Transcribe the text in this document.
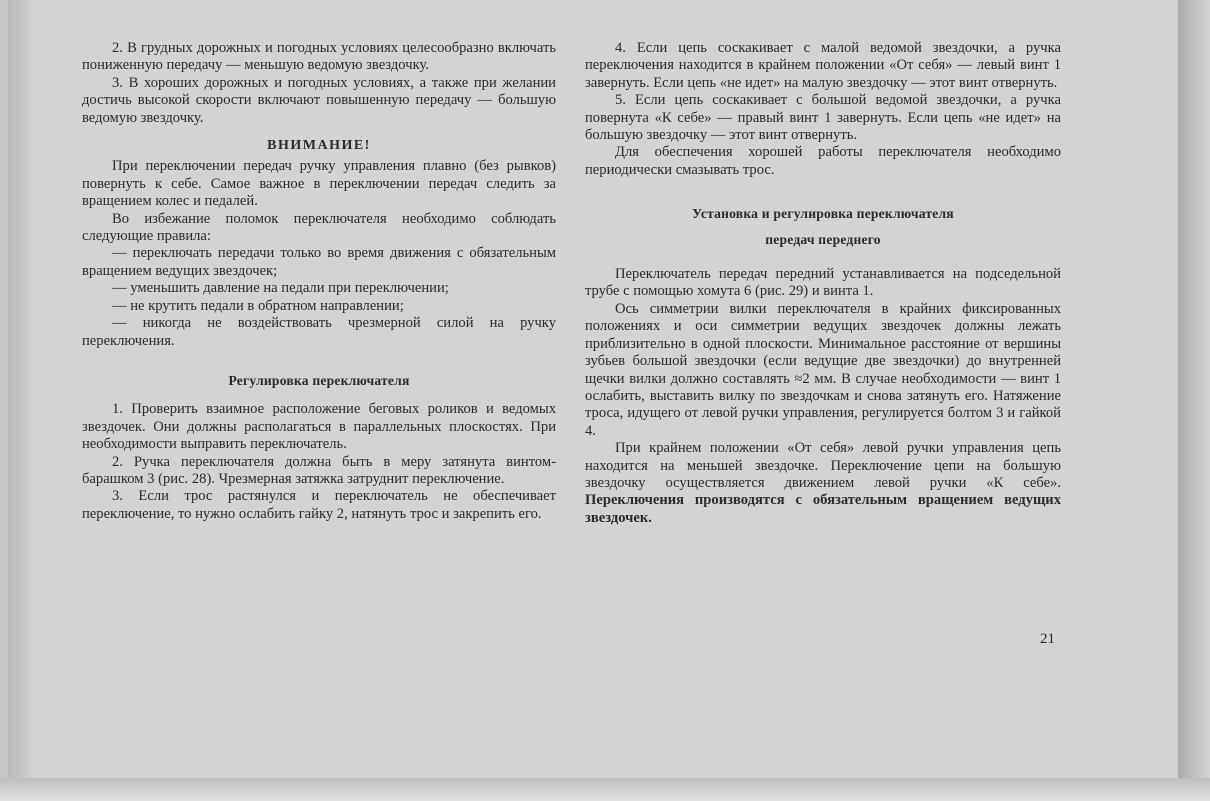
2. В грудных дорожных и погодных условиях целесообразно включать пониженную передачу — меньшую ведомую звездочку.

3. В хороших дорожных и погодных условиях, а также при желании достичь высокой скорости включают повышенную передачу — большую ведомую звездочку.

ВНИМАНИЕ!

При переключении передач ручку управления плавно (без рывков) повернуть к себе. Самое важное в переключении передач следить за вращением колес и педалей.

Во избежание поломок переключателя необходимо соблюдать следующие правила:

— переключать передачи только во время движения с обязательным вращением ведущих звездочек;

— уменьшить давление на педали при переключении;

— не крутить педали в обратном направлении;

— никогда не воздействовать чрезмерной силой на ручку переключения.

Регулировка переключателя

1. Проверить взаимное расположение беговых роликов и ведомых звездочек. Они должны располагаться в параллельных плоскостях. При необходимости выправить переключатель.

2. Ручка переключателя должна быть в меру затянута винтом-барашком 3 (рис. 28). Чрезмерная затяжка затруднит переключение.

3. Если трос растянулся и переключатель не обеспечивает переключение, то нужно ослабить гайку 2, натянуть трос и закрепить его.

4. Если цепь соскакивает с малой ведомой звездочки, а ручка переключения находится в крайнем положении «От себя» — левый винт 1 завернуть. Если цепь «не идет» на малую звездочку — этот винт отвернуть.

5. Если цепь соскакивает с большой ведомой звездочки, а ручка повернута «К себе» — правый винт 1 завернуть. Если цепь «не идет» на большую звездочку — этот винт отвернуть.

Для обеспечения хорошей работы переключателя необходимо периодически смазывать трос.

Установка и регулировка переключателя
передач переднего

Переключатель передач передний устанавливается на подседельной трубе с помощью хомута 6 (рис. 29) и винта 1.

Ось симметрии вилки переключателя в крайних фиксированных положениях и оси симметрии ведущих звездочек должны лежать приблизительно в одной плоскости. Минимальное расстояние от вершины зубьев большой звездочки (если ведущие две звездочки) до внутренней щечки вилки должно составлять ≈2 мм. В случае необходимости — винт 1 ослабить, выставить вилку по звездочкам и снова затянуть его. Натяжение троса, идущего от левой ручки управления, регулируется болтом 3 и гайкой 4.

При крайнем положении «От себя» левой ручки управления цепь находится на меньшей звездочке. Переключение цепи на большую звездочку осуществляется движением левой ручки «К себе». Переключения производятся с обязательным вращением ведущих звездочек.

21
